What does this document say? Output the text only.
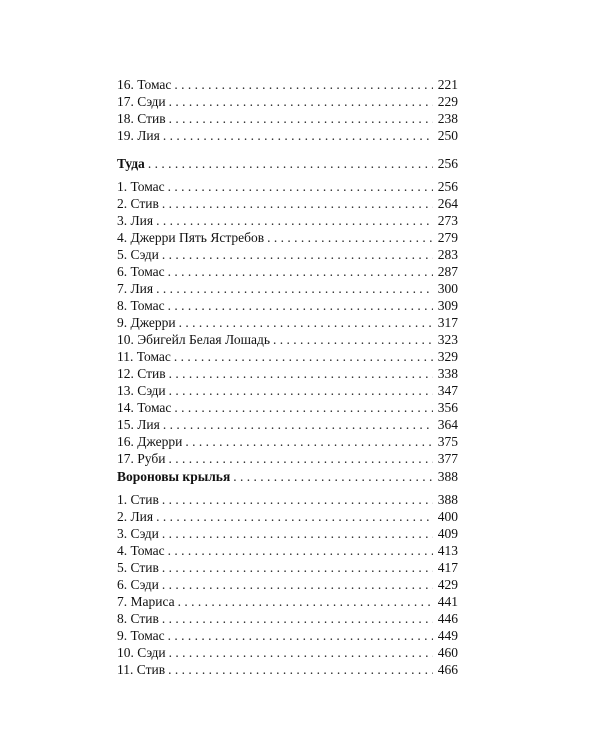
16. Томас . . .	221
17. Сэди . . .	229
18. Стив . . .	238
19. Лия . . .	250
Туда . . .	256
1. Томас . . .	256
2. Стив . . .	264
3. Лия . . .	273
4. Джерри Пять Ястребов . . .	279
5. Сэди . . .	283
6. Томас . . .	287
7. Лия . . .	300
8. Томас . . .	309
9. Джерри . . .	317
10. Эбигейл Белая Лошадь . . .	323
11. Томас . . .	329
12. Стив . . .	338
13. Сэди . . .	347
14. Томас . . .	356
15. Лия . . .	364
16. Джерри . . .	375
17. Руби . . .	377
Вороновы крылья . . .	388
1. Стив . . .	388
2. Лия . . .	400
3. Сэди . . .	409
4. Томас . . .	413
5. Стив . . .	417
6. Сэди . . .	429
7. Мариса . . .	441
8. Стив . . .	446
9. Томас . . .	449
10. Сэди . . .	460
11. Стив . . .	466
